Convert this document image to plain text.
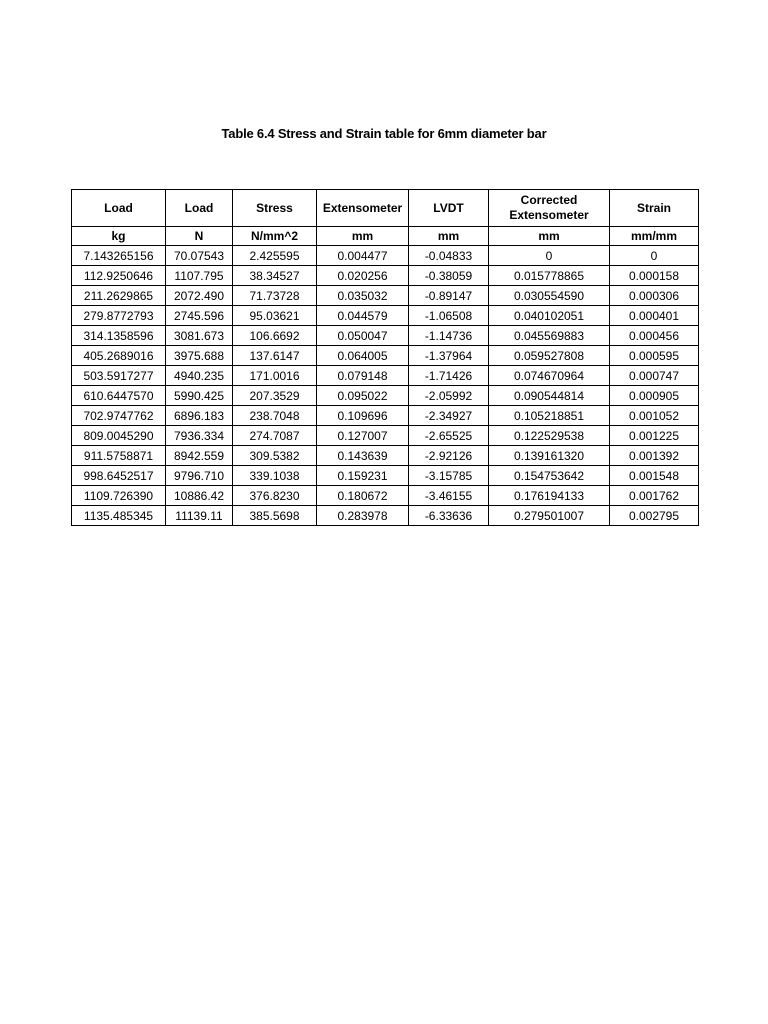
Table 6.4 Stress and Strain table for 6mm diameter bar
Load	Load	Stress	Extensometer	LVDT	Corrected Extensometer	Strain
kg	N	N/mm^2	mm	mm	mm	mm/mm
7.143265156	70.07543	2.425595	0.004477	-0.04833	0	0
112.9250646	1107.795	38.34527	0.020256	-0.38059	0.015778865	0.000158
211.2629865	2072.490	71.73728	0.035032	-0.89147	0.030554590	0.000306
279.8772793	2745.596	95.03621	0.044579	-1.06508	0.040102051	0.000401
314.1358596	3081.673	106.6692	0.050047	-1.14736	0.045569883	0.000456
405.2689016	3975.688	137.6147	0.064005	-1.37964	0.059527808	0.000595
503.5917277	4940.235	171.0016	0.079148	-1.71426	0.074670964	0.000747
610.6447570	5990.425	207.3529	0.095022	-2.05992	0.090544814	0.000905
702.9747762	6896.183	238.7048	0.109696	-2.34927	0.105218851	0.001052
809.0045290	7936.334	274.7087	0.127007	-2.65525	0.122529538	0.001225
911.5758871	8942.559	309.5382	0.143639	-2.92126	0.139161320	0.001392
998.6452517	9796.710	339.1038	0.159231	-3.15785	0.154753642	0.001548
1109.726390	10886.42	376.8230	0.180672	-3.46155	0.176194133	0.001762
1135.485345	11139.11	385.5698	0.283978	-6.33636	0.279501007	0.002795
